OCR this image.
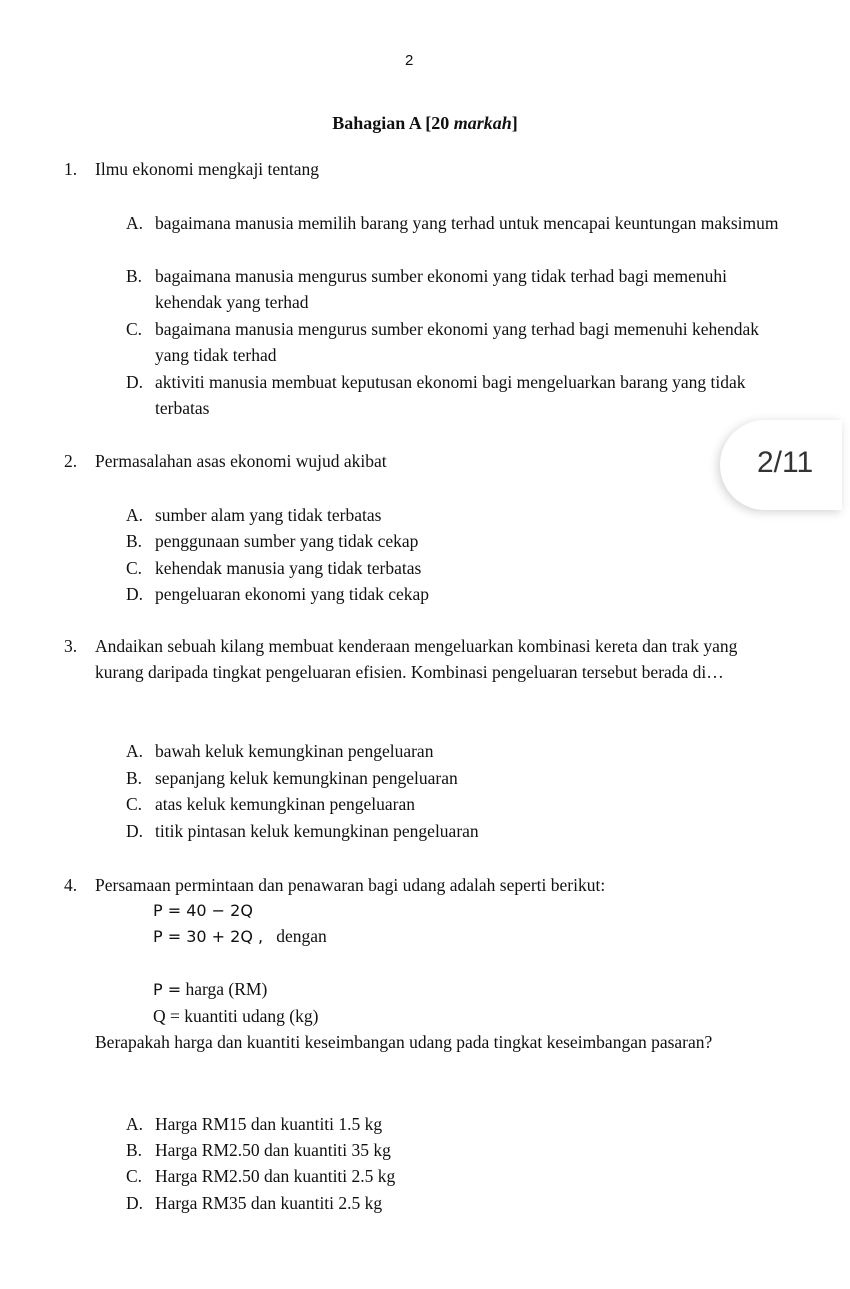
2
Bahagian A [20 markah]
1. Ilmu ekonomi mengkaji tentang
A. bagaimana manusia memilih barang yang terhad untuk mencapai keuntungan maksimum
B. bagaimana manusia mengurus sumber ekonomi yang tidak terhad bagi memenuhi kehendak yang terhad
C. bagaimana manusia mengurus sumber ekonomi yang terhad bagi memenuhi kehendak yang tidak terhad
D. aktiviti manusia membuat keputusan ekonomi bagi mengeluarkan barang yang tidak terbatas
2. Permasalahan asas ekonomi wujud akibat
A. sumber alam yang tidak terbatas
B. penggunaan sumber yang tidak cekap
C. kehendak manusia yang tidak terbatas
D. pengeluaran ekonomi yang tidak cekap
2/11
3. Andaikan sebuah kilang membuat kenderaan mengeluarkan kombinasi kereta dan trak yang kurang daripada tingkat pengeluaran efisien. Kombinasi pengeluaran tersebut berada di…
A. bawah keluk kemungkinan pengeluaran
B. sepanjang keluk kemungkinan pengeluaran
C. atas keluk kemungkinan pengeluaran
D. titik pintasan keluk kemungkinan pengeluaran
4. Persamaan permintaan dan penawaran bagi udang adalah seperti berikut:
P = 40 − 2Q
P = 30 + 2Q , dengan
P = harga (RM)
Q = kuantiti udang (kg)
Berapakah harga dan kuantiti keseimbangan udang pada tingkat keseimbangan pasaran?
A. Harga RM15 dan kuantiti 1.5 kg
B. Harga RM2.50 dan kuantiti 35 kg
C. Harga RM2.50 dan kuantiti 2.5 kg
D. Harga RM35 dan kuantiti 2.5 kg
